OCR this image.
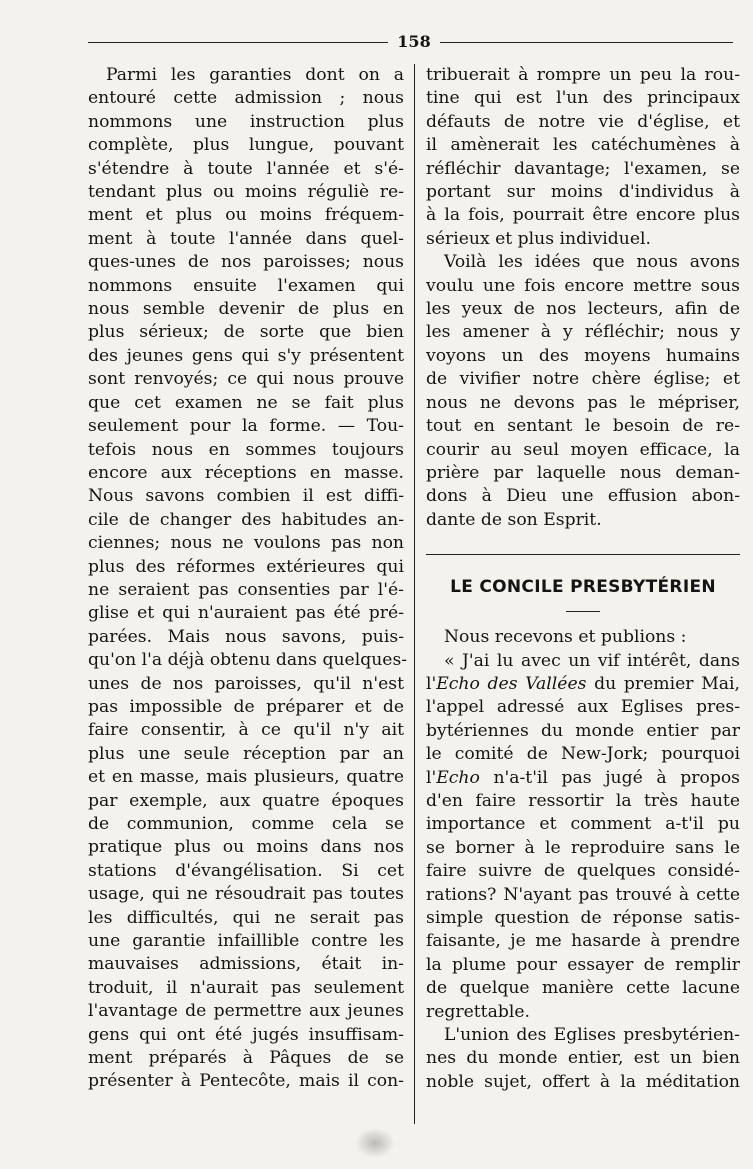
158
Parmi les garanties dont on a
entouré cette admission ; nous
nommons une instruction plus
complète, plus lungue, pouvant
s'étendre à toute l'année et s'é-
tendant plus ou moins réguliè re-
ment et plus ou moins fréquem-
ment à toute l'année dans quel-
ques-unes de nos paroisses; nous
nommons ensuite l'examen qui
nous semble devenir de plus en
plus sérieux; de sorte que bien
des jeunes gens qui s'y présentent
sont renvoyés; ce qui nous prouve
que cet examen ne se fait plus
seulement pour la forme. — Tou-
tefois nous en sommes toujours
encore aux réceptions en masse.
Nous savons combien il est diffi-
cile de changer des habitudes an-
ciennes; nous ne voulons pas non
plus des réformes extérieures qui
ne seraient pas consenties par l'é-
glise et qui n'auraient pas été pré-
parées. Mais nous savons, puis-
qu'on l'a déjà obtenu dans quelques-
unes de nos paroisses, qu'il n'est
pas impossible de préparer et de
faire consentir, à ce qu'il n'y ait
plus une seule réception par an
et en masse, mais plusieurs, quatre
par exemple, aux quatre époques
de communion, comme cela se
pratique plus ou moins dans nos
stations d'évangélisation. Si cet
usage, qui ne résoudrait pas toutes
les difficultés, qui ne serait pas
une garantie infaillible contre les
mauvaises admissions, était in-
troduit, il n'aurait pas seulement
l'avantage de permettre aux jeunes
gens qui ont été jugés insuffisam-
ment préparés à Pâques de se
présenter à Pentecôte, mais il con-
tribuerait à rompre un peu la rou-
tine qui est l'un des principaux
défauts de notre vie d'église, et
il amènerait les catéchumènes à
réfléchir davantage; l'examen, se
portant sur moins d'individus à
à la fois, pourrait être encore plus
sérieux et plus individuel.
Voilà les idées que nous avons
voulu une fois encore mettre sous
les yeux de nos lecteurs, afin de
les amener à y réfléchir; nous y
voyons un des moyens humains
de vivifier notre chère église; et
nous ne devons pas le mépriser,
tout en sentant le besoin de re-
courir au seul moyen efficace, la
prière par laquelle nous deman-
dons à Dieu une effusion abon-
dante de son Esprit.
LE CONCILE PRESBYTÉRIEN
Nous recevons et publions :
« J'ai lu avec un vif intérêt, dans
l'Echo des Vallées du premier Mai,
l'appel adressé aux Eglises pres-
bytériennes du monde entier par
le comité de New-Jork; pourquoi
l'Echo n'a-t'il pas jugé à propos
d'en faire ressortir la très haute
importance et comment a-t'il pu
se borner à le reproduire sans le
faire suivre de quelques considé-
rations? N'ayant pas trouvé à cette
simple question de réponse satis-
faisante, je me hasarde à prendre
la plume pour essayer de remplir
de quelque manière cette lacune
regrettable.
L'union des Eglises presbytérien-
nes du monde entier, est un bien
noble sujet, offert à la méditation
